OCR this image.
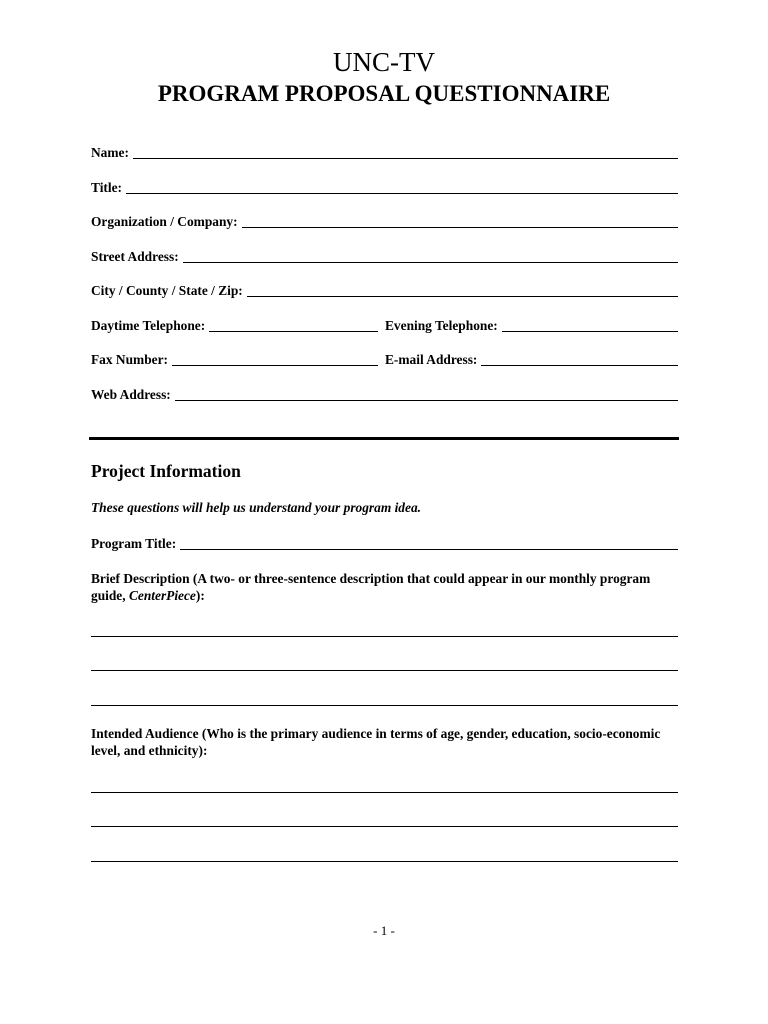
UNC-TV
PROGRAM PROPOSAL QUESTIONNAIRE
Name:
Title:
Organization / Company:
Street Address:
City / County / State / Zip:
Daytime Telephone:	Evening Telephone:
Fax Number:	E-mail Address:
Web Address:
Project Information
These questions will help us understand your program idea.
Program Title:
Brief Description (A two- or three-sentence description that could appear in our monthly program guide, CenterPiece):
Intended Audience (Who is the primary audience in terms of age, gender, education, socio-economic level, and ethnicity):
- 1 -
